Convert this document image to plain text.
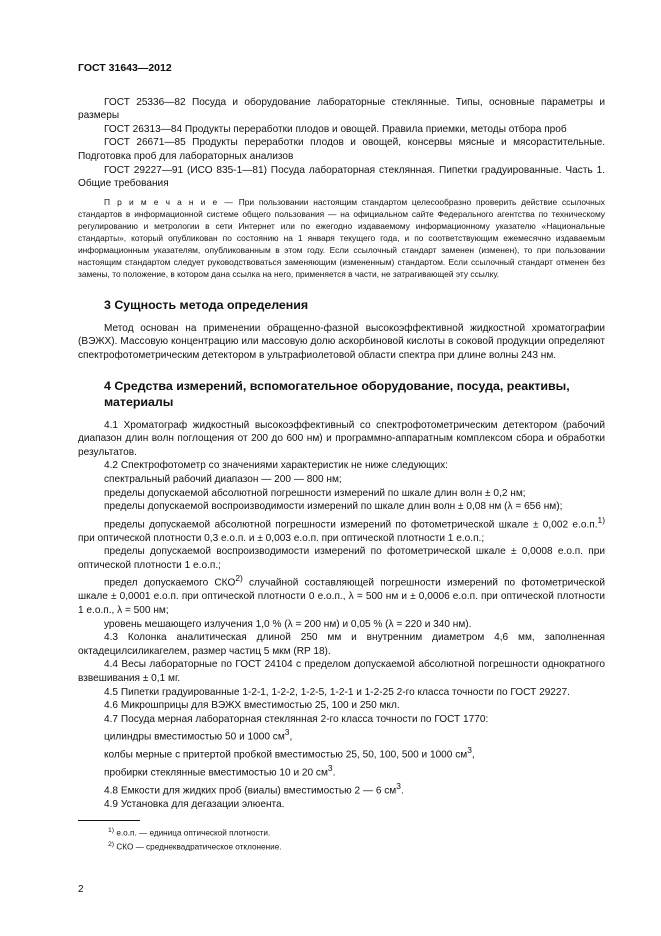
ГОСТ 31643—2012

ГОСТ 25336—82 Посуда и оборудование лабораторные стеклянные. Типы, основные параметры и размеры

ГОСТ 26313—84 Продукты переработки плодов и овощей. Правила приемки, методы отбора проб

ГОСТ 26671—85 Продукты переработки плодов и овощей, консервы мясные и мясорастительные. Подготовка проб для лабораторных анализов

ГОСТ 29227—91 (ИСО 835-1—81) Посуда лабораторная стеклянная. Пипетки градуированные. Часть 1. Общие требования

П р и м е ч а н и е — При пользовании настоящим стандартом целесообразно проверить действие ссылочных стандартов в информационной системе общего пользования — на официальном сайте Федерального агентства по техническому регулированию и метрологии в сети Интернет или по ежегодно издаваемому информационному указателю «Национальные стандарты», который опубликован по состоянию на 1 января текущего года, и по соответствующим ежемесячно издаваемым информационным указателям, опубликованным в этом году. Если ссылочный стандарт заменен (изменен), то при пользовании настоящим стандартом следует руководствоваться заменяющим (измененным) стандартом. Если ссылочный стандарт отменен без замены, то положение, в котором дана ссылка на него, применяется в части, не затрагивающей эту ссылку.

3 Сущность метода определения

Метод основан на применении обращенно-фазной высокоэффективной жидкостной хроматографии (ВЭЖХ). Массовую концентрацию или массовую долю аскорбиновой кислоты в соковой продукции определяют спектрофотометрическим детектором в ультрафиолетовой области спектра при длине волны 243 нм.

4 Средства измерений, вспомогательное оборудование, посуда, реактивы, материалы

4.1 Хроматограф жидкостный высокоэффективный со спектрофотометрическим детектором (рабочий диапазон длин волн поглощения от 200 до 600 нм) и программно-аппаратным комплексом сбора и обработки результатов.

4.2 Спектрофотометр со значениями характеристик не ниже следующих:

спектральный рабочий диапазон — 200 — 800 нм;

пределы допускаемой абсолютной погрешности измерений по шкале длин волн ± 0,2 нм;

пределы допускаемой воспроизводимости измерений по шкале длин волн ± 0,08 нм (λ = 656 нм);

пределы допускаемой абсолютной погрешности измерений по фотометрической шкале ± 0,002 е.о.п.$^{1)}$ при оптической плотности 0,3 е.о.п. и ± 0,003 е.о.п. при оптической плотности 1 е.о.п.;

пределы допускаемой воспроизводимости измерений по фотометрической шкале ± 0,0008 е.о.п. при оптической плотности 1 е.о.п.;

предел допускаемого СКО$^{2)}$ случайной составляющей погрешности измерений по фотометрической шкале ± 0,0001 е.о.п. при оптической плотности 0 е.о.п., λ = 500 нм и ± 0,0006 е.о.п. при оптической плотности 1 е.о.п., λ = 500 нм;

уровень мешающего излучения 1,0 % (λ = 200 нм) и 0,05 % (λ = 220 и 340 нм).

4.3 Колонка аналитическая длиной 250 мм и внутренним диаметром 4,6 мм, заполненная октадецилсиликагелем, размер частиц 5 мкм (RP 18).

4.4 Весы лабораторные по ГОСТ 24104 с пределом допускаемой абсолютной погрешности однократного взвешивания ± 0,1 мг.

4.5 Пипетки градуированные 1-2-1, 1-2-2, 1-2-5, 1-2-1 и 1-2-25 2-го класса точности по ГОСТ 29227.

4.6 Микрошприцы для ВЭЖХ вместимостью 25, 100 и 250 мкл.

4.7 Посуда мерная лабораторная стеклянная 2-го класса точности по ГОСТ 1770:

цилиндры вместимостью 50 и 1000 $см^3$,

колбы мерные с притертой пробкой вместимостью 25, 50, 100, 500 и 1000 $см^3$,

пробирки стеклянные вместимостью 10 и 20 $см^3$.

4.8 Емкости для жидких проб (виалы) вместимостью 2 — 6 $см^3$.

4.9 Установка для дегазации элюента.

$^{1)}$ е.о.п. — единица оптической плотности.
$^{2)}$ СКО — среднеквадратическое отклонение.
2
